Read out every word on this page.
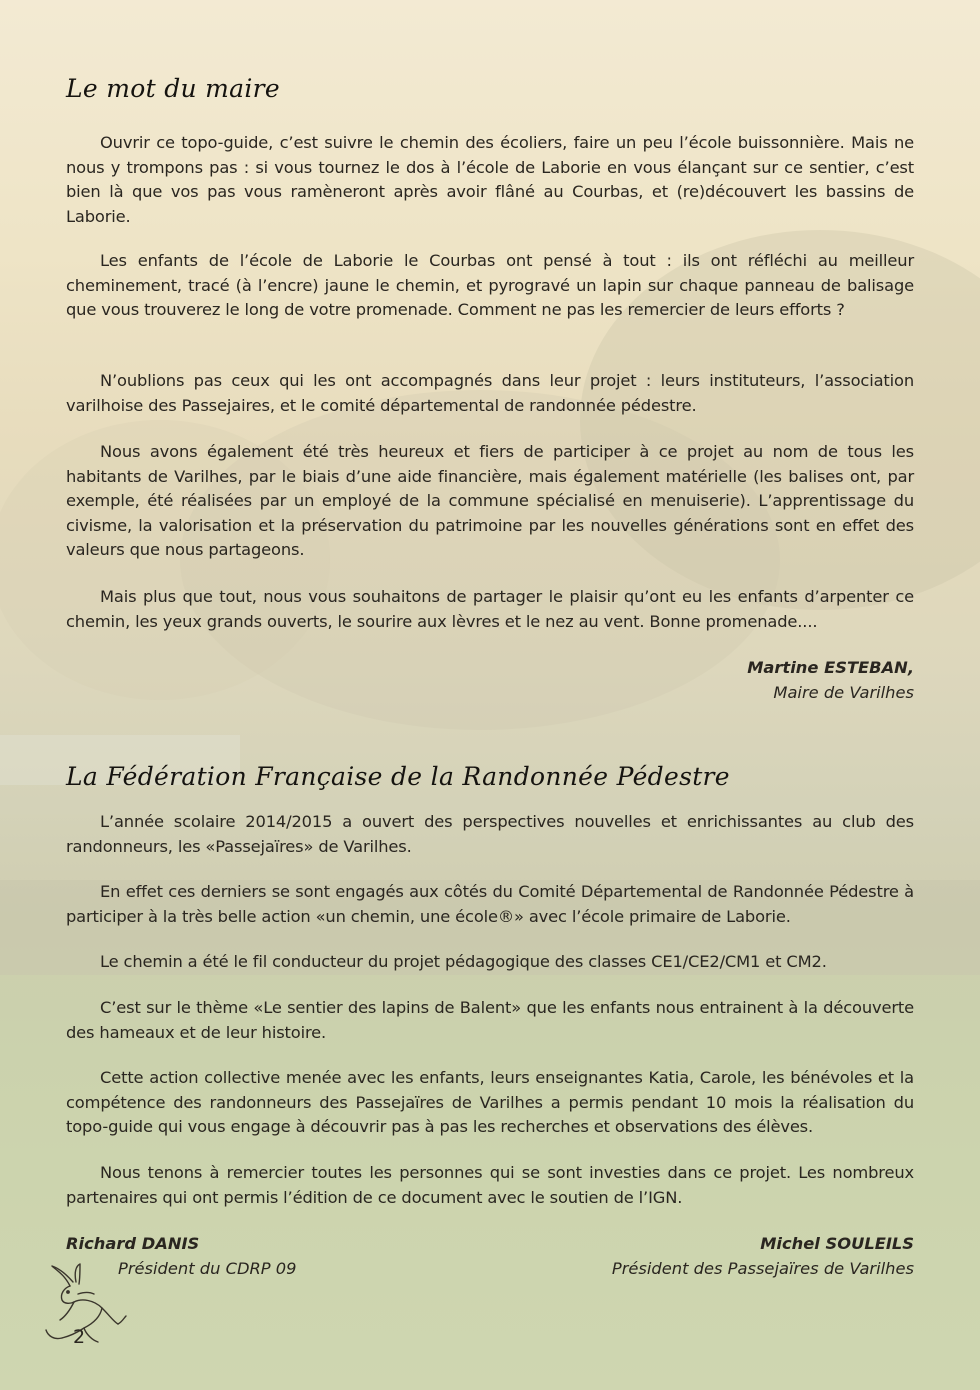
Le mot du maire

Ouvrir ce topo-guide, c’est suivre le chemin des écoliers, faire un peu l’école buissonnière. Mais ne nous y trompons pas : si vous tournez le dos à l’école de Laborie en vous élançant sur ce sentier, c’est bien là que vos pas vous ramèneront après avoir flâné au Courbas, et (re)découvert les bassins de Laborie.

Les enfants de l’école de Laborie le Courbas ont pensé à tout : ils ont réfléchi au meilleur cheminement, tracé (à l’encre) jaune le chemin, et pyrogravé un lapin sur chaque panneau de balisage que vous trouverez le long de votre promenade. Comment ne pas les remercier de leurs efforts ?

N’oublions pas ceux qui les ont accompagnés dans leur projet : leurs instituteurs, l’association varilhoise des Passejaires, et le comité départemental de randonnée pédestre.

Nous avons également été très heureux et fiers de participer à ce projet au nom de tous les habitants de Varilhes, par le biais d’une aide financière, mais également matérielle (les balises ont, par exemple, été réalisées par un employé de la commune spécialisé en menuiserie). L’apprentissage du civisme, la valorisation et la préservation du patrimoine par les nouvelles générations sont en effet des valeurs que nous partageons.

Mais plus que tout, nous vous souhaitons de partager le plaisir qu’ont eu les enfants d’arpenter ce chemin, les yeux grands ouverts, le sourire aux lèvres et le nez au vent. Bonne promenade....

Martine ESTEBAN,
Maire de Varilhes
La Fédération Française de la Randonnée Pédestre

L’année scolaire 2014/2015 a ouvert des perspectives nouvelles et enrichissantes au club des randonneurs, les «Passejaïres» de Varilhes.

En effet ces derniers se sont engagés aux côtés du Comité Départemental de Randonnée Pédestre à participer à la très belle action «un chemin, une école®» avec l’école primaire de Laborie.

Le chemin a été le fil conducteur du projet pédagogique des classes CE1/CE2/CM1 et CM2.

C’est sur le thème «Le sentier des lapins de Balent» que les enfants nous entrainent à la découverte des hameaux et de leur histoire.

Cette action collective menée avec les enfants, leurs enseignantes Katia, Carole, les bénévoles et la compétence des randonneurs des Passejaïres de Varilhes a permis pendant 10 mois la réalisation du topo-guide qui vous engage à découvrir pas à pas les recherches et observations des élèves.

Nous tenons à remercier toutes les personnes qui se sont investies dans ce projet. Les nombreux partenaires qui ont permis l’édition de ce document avec le soutien de l’IGN.

Richard DANIS
Président du CDRP 09
Michel SOULEILS
Président des Passejaïres de Varilhes
2
